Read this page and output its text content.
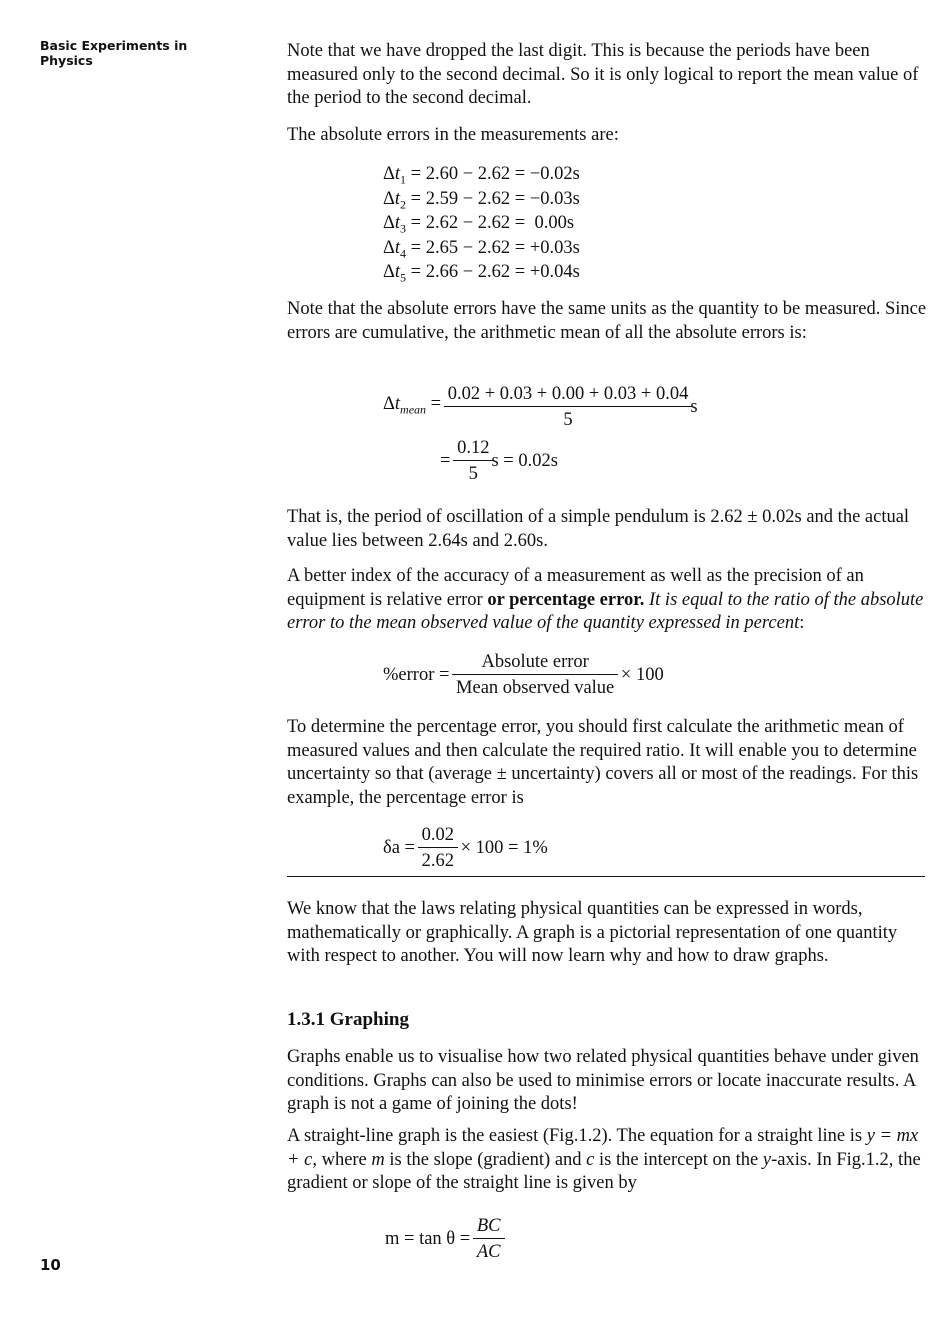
Basic Experiments in Physics
10
Note that we have dropped the last digit. This is because the periods have been measured only to the second decimal. So it is only logical to report the mean value of the period to the second decimal.
The absolute errors in the measurements are:
$\Delta t_1 = 2.60 - 2.62 = -0.02s$
$\Delta t_2 = 2.59 - 2.62 = -0.03s$
$\Delta t_3 = 2.62 - 2.62 = 0.00s$
$\Delta t_4 = 2.65 - 2.62 = +0.03s$
$\Delta t_5 = 2.66 - 2.62 = +0.04s$
Note that the absolute errors have the same units as the quantity to be measured. Since errors are cumulative, the arithmetic mean of all the absolute errors is:
$\Delta t_{mean} = \frac{0.02 + 0.03 + 0.00 + 0.03 + 0.04}{5}$ s
= $\frac{0.12}{5}$ s = 0.02s
That is, the period of oscillation of a simple pendulum is 2.62 ± 0.02s and the actual value lies between 2.64s and 2.60s.
A better index of the accuracy of a measurement as well as the precision of an equipment is relative error or percentage error. It is equal to the ratio of the absolute error to the mean observed value of the quantity expressed in percent:
%error = $\frac{\text{Absolute error}}{\text{Mean observed value}} \times 100$
To determine the percentage error, you should first calculate the arithmetic mean of measured values and then calculate the required ratio. It will enable you to determine uncertainty so that (average ± uncertainty) covers all or most of the readings. For this example, the percentage error is
$\delta a = \frac{0.02}{2.62} \times 100 = 1\%$
We know that the laws relating physical quantities can be expressed in words, mathematically or graphically. A graph is a pictorial representation of one quantity with respect to another. You will now learn why and how to draw graphs.
1.3.1 Graphing
Graphs enable us to visualise how two related physical quantities behave under given conditions. Graphs can also be used to minimise errors or locate inaccurate results. A graph is not a game of joining the dots!
A straight-line graph is the easiest (Fig.1.2). The equation for a straight line is y = mx + c, where m is the slope (gradient) and c is the intercept on the y-axis. In Fig.1.2, the gradient or slope of the straight line is given by
$m = \tan \theta = \frac{BC}{AC}$
